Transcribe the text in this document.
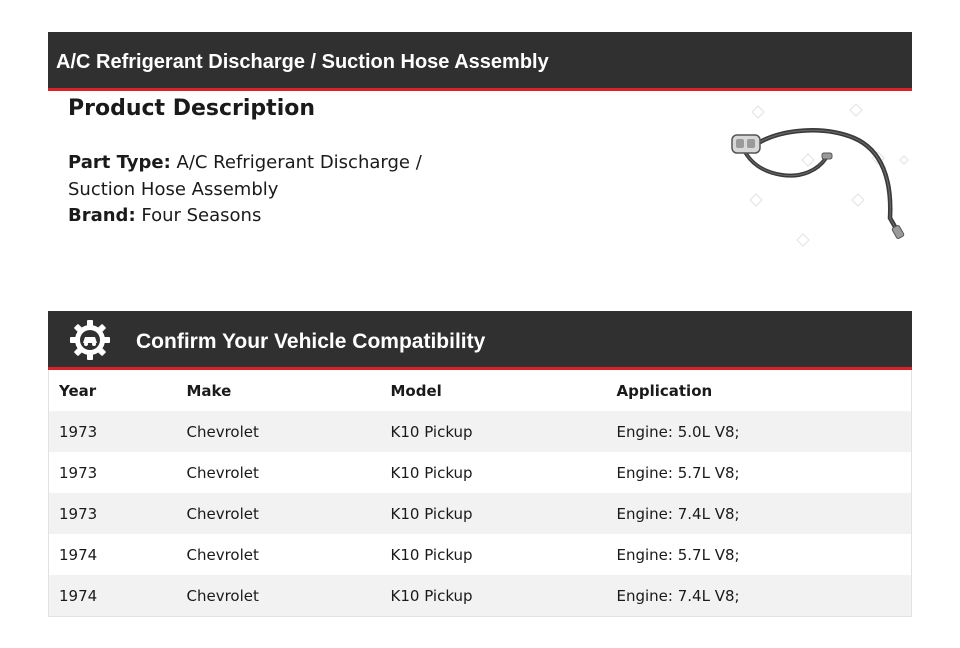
A/C Refrigerant Discharge / Suction Hose Assembly
Product Description
Part Type: A/C Refrigerant Discharge / Suction Hose Assembly
Brand: Four Seasons
Confirm Your Vehicle Compatibility
Year	Make	Model	Application
1973	Chevrolet	K10 Pickup	Engine: 5.0L V8;
1973	Chevrolet	K10 Pickup	Engine: 5.7L V8;
1973	Chevrolet	K10 Pickup	Engine: 7.4L V8;
1974	Chevrolet	K10 Pickup	Engine: 5.7L V8;
1974	Chevrolet	K10 Pickup	Engine: 7.4L V8;
